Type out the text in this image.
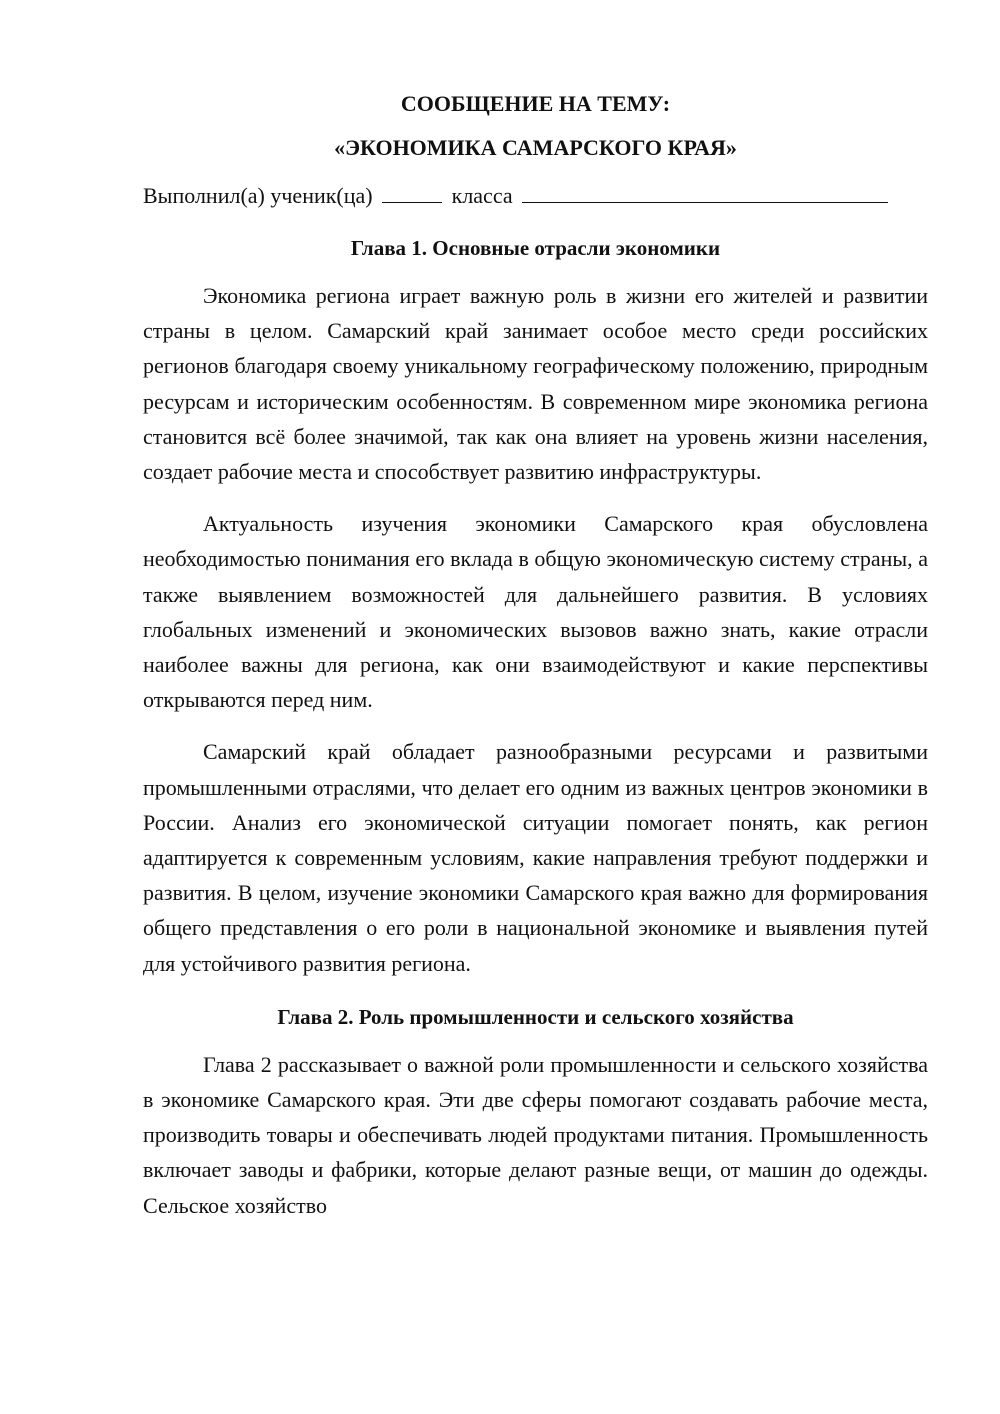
СООБЩЕНИЕ НА ТЕМУ:
«ЭКОНОМИКА САМАРСКОГО КРАЯ»
Выполнил(а) ученик(ца)	класса
Глава 1. Основные отрасли экономики

Экономика региона играет важную роль в жизни его жителей и развитии страны в целом. Самарский край занимает особое место среди российских регионов благодаря своему уникальному географическому положению, природным ресурсам и историческим особенностям. В современном мире экономика региона становится всё более значимой, так как она влияет на уровень жизни населения, создает рабочие места и способствует развитию инфраструктуры.

Актуальность изучения экономики Самарского края обусловлена необходимостью понимания его вклада в общую экономическую систему страны, а также выявлением возможностей для дальнейшего развития. В условиях глобальных изменений и экономических вызовов важно знать, какие отрасли наиболее важны для региона, как они взаимодействуют и какие перспективы открываются перед ним.

Самарский край обладает разнообразными ресурсами и развитыми промышленными отраслями, что делает его одним из важных центров экономики в России. Анализ его экономической ситуации помогает понять, как регион адаптируется к современным условиям, какие направления требуют поддержки и развития. В целом, изучение экономики Самарского края важно для формирования общего представления о его роли в национальной экономике и выявления путей для устойчивого развития региона.

Глава 2. Роль промышленности и сельского хозяйства

Глава 2 рассказывает о важной роли промышленности и сельского хозяйства в экономике Самарского края. Эти две сферы помогают создавать рабочие места, производить товары и обеспечивать людей продуктами питания. Промышленность включает заводы и фабрики, которые делают разные вещи, от машин до одежды. Сельское хозяйство
